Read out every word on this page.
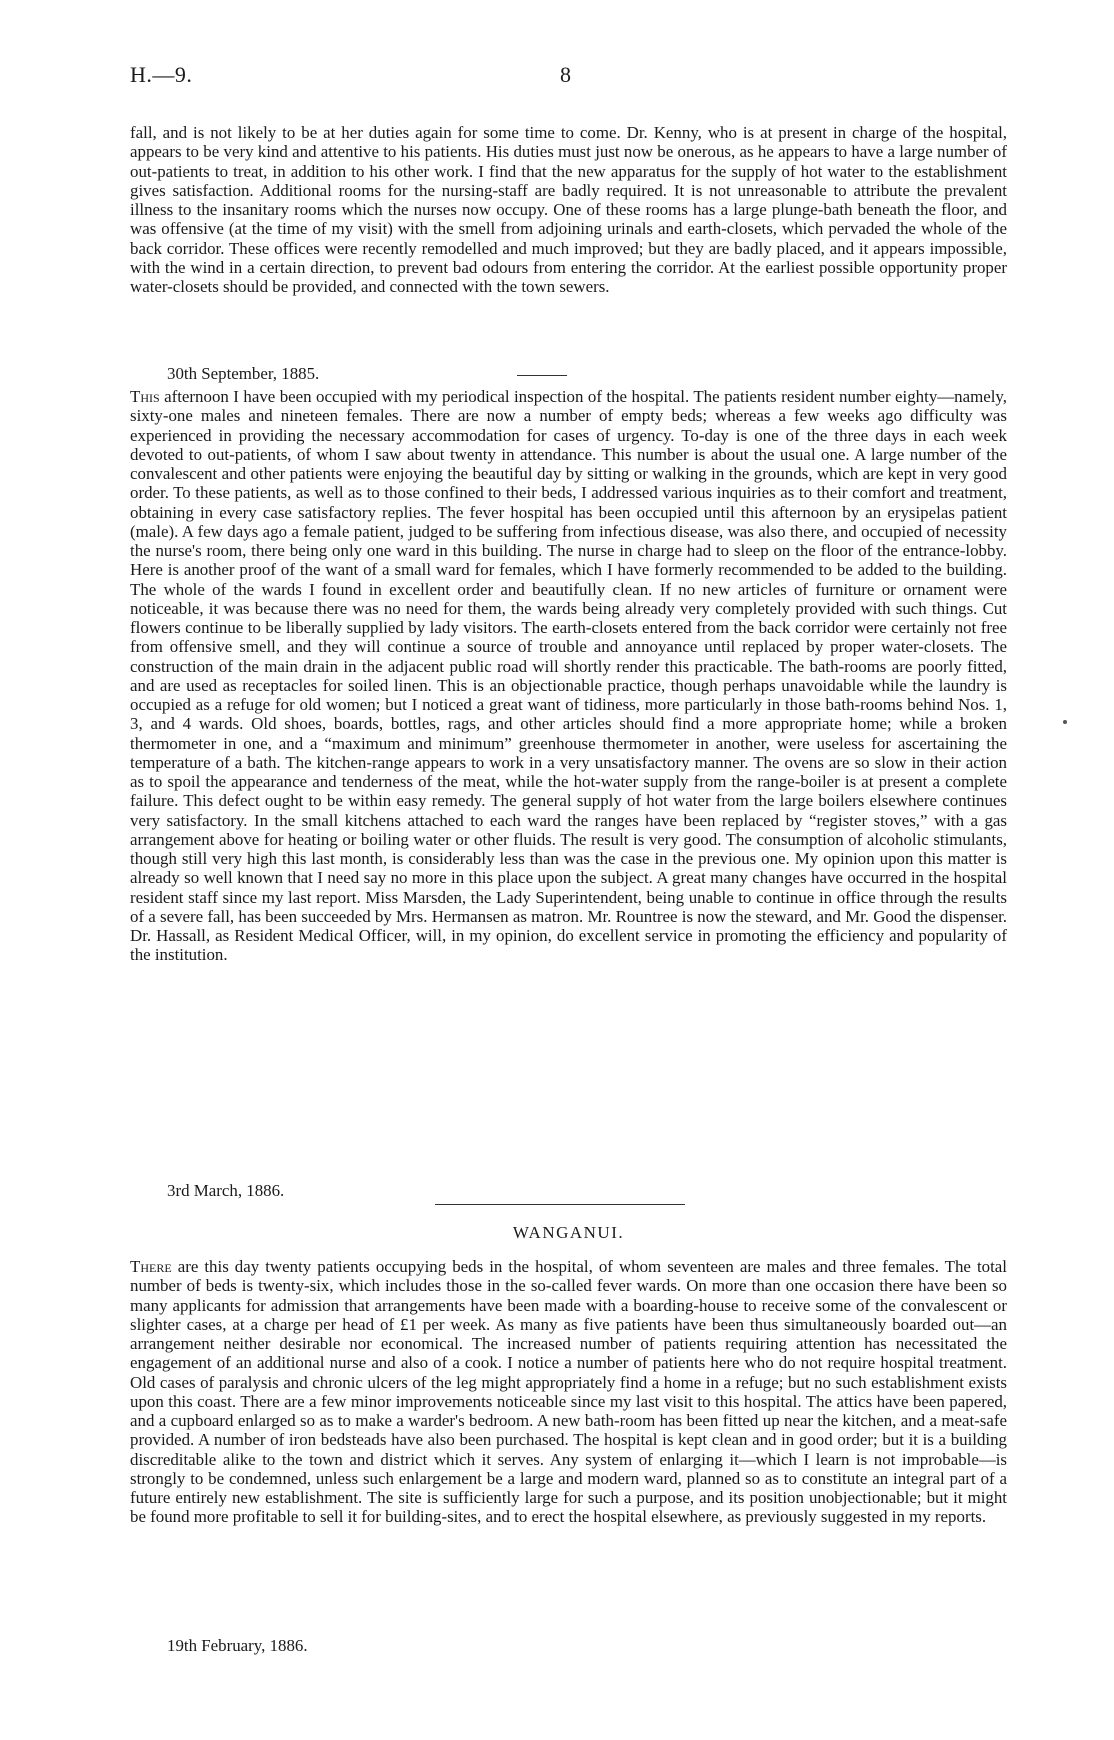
H.—9.	8

fall, and is not likely to be at her duties again for some time to come. Dr. Kenny, who is at present in charge of the hospital, appears to be very kind and attentive to his patients. His duties must just now be onerous, as he appears to have a large number of out-patients to treat, in addition to his other work. I find that the new apparatus for the supply of hot water to the establishment gives satisfaction. Additional rooms for the nursing-staff are badly required. It is not unreasonable to attribute the prevalent illness to the insanitary rooms which the nurses now occupy. One of these rooms has a large plunge-bath beneath the floor, and was offensive (at the time of my visit) with the smell from adjoining urinals and earth-closets, which pervaded the whole of the back corridor. These offices were recently remodelled and much improved; but they are badly placed, and it appears impossible, with the wind in a certain direction, to prevent bad odours from entering the corridor. At the earliest possible opportunity proper water-closets should be provided, and connected with the town sewers.

30th September, 1885.

This afternoon I have been occupied with my periodical inspection of the hospital. The patients resident number eighty—namely, sixty-one males and nineteen females. There are now a number of empty beds; whereas a few weeks ago difficulty was experienced in providing the necessary accommodation for cases of urgency. To-day is one of the three days in each week devoted to out-patients, of whom I saw about twenty in attendance. This number is about the usual one. A large number of the convalescent and other patients were enjoying the beautiful day by sitting or walking in the grounds, which are kept in very good order. To these patients, as well as to those confined to their beds, I addressed various inquiries as to their comfort and treatment, obtaining in every case satisfactory replies. The fever hospital has been occupied until this afternoon by an erysipelas patient (male). A few days ago a female patient, judged to be suffering from infectious disease, was also there, and occupied of necessity the nurse's room, there being only one ward in this building. The nurse in charge had to sleep on the floor of the entrance-lobby. Here is another proof of the want of a small ward for females, which I have formerly recommended to be added to the building. The whole of the wards I found in excellent order and beautifully clean. If no new articles of furniture or ornament were noticeable, it was because there was no need for them, the wards being already very completely provided with such things. Cut flowers continue to be liberally supplied by lady visitors. The earth-closets entered from the back corridor were certainly not free from offensive smell, and they will continue a source of trouble and annoyance until replaced by proper water-closets. The construction of the main drain in the adjacent public road will shortly render this practicable. The bath-rooms are poorly fitted, and are used as receptacles for soiled linen. This is an objectionable practice, though perhaps unavoidable while the laundry is occupied as a refuge for old women; but I noticed a great want of tidiness, more particularly in those bath-rooms behind Nos. 1, 3, and 4 wards. Old shoes, boards, bottles, rags, and other articles should find a more appropriate home; while a broken thermometer in one, and a “maximum and minimum” greenhouse thermometer in another, were useless for ascertaining the temperature of a bath. The kitchen-range appears to work in a very unsatisfactory manner. The ovens are so slow in their action as to spoil the appearance and tenderness of the meat, while the hot-water supply from the range-boiler is at present a complete failure. This defect ought to be within easy remedy. The general supply of hot water from the large boilers elsewhere continues very satisfactory. In the small kitchens attached to each ward the ranges have been replaced by “register stoves,” with a gas arrangement above for heating or boiling water or other fluids. The result is very good. The consumption of alcoholic stimulants, though still very high this last month, is considerably less than was the case in the previous one. My opinion upon this matter is already so well known that I need say no more in this place upon the subject. A great many changes have occurred in the hospital resident staff since my last report. Miss Marsden, the Lady Superintendent, being unable to continue in office through the results of a severe fall, has been succeeded by Mrs. Hermansen as matron. Mr. Rountree is now the steward, and Mr. Good the dispenser. Dr. Hassall, as Resident Medical Officer, will, in my opinion, do excellent service in promoting the efficiency and popularity of the institution.

3rd March, 1886.
WANGANUI.

There are this day twenty patients occupying beds in the hospital, of whom seventeen are males and three females. The total number of beds is twenty-six, which includes those in the so-called fever wards. On more than one occasion there have been so many applicants for admission that arrangements have been made with a boarding-house to receive some of the convalescent or slighter cases, at a charge per head of £1 per week. As many as five patients have been thus simultaneously boarded out—an arrangement neither desirable nor economical. The increased number of patients requiring attention has necessitated the engagement of an additional nurse and also of a cook. I notice a number of patients here who do not require hospital treatment. Old cases of paralysis and chronic ulcers of the leg might appropriately find a home in a refuge; but no such establishment exists upon this coast. There are a few minor improvements noticeable since my last visit to this hospital. The attics have been papered, and a cupboard enlarged so as to make a warder's bedroom. A new bath-room has been fitted up near the kitchen, and a meat-safe provided. A number of iron bedsteads have also been purchased. The hospital is kept clean and in good order; but it is a building discreditable alike to the town and district which it serves. Any system of enlarging it—which I learn is not improbable—is strongly to be condemned, unless such enlargement be a large and modern ward, planned so as to constitute an integral part of a future entirely new establishment. The site is sufficiently large for such a purpose, and its position unobjectionable; but it might be found more profitable to sell it for building-sites, and to erect the hospital elsewhere, as previously suggested in my reports.

19th February, 1886.
